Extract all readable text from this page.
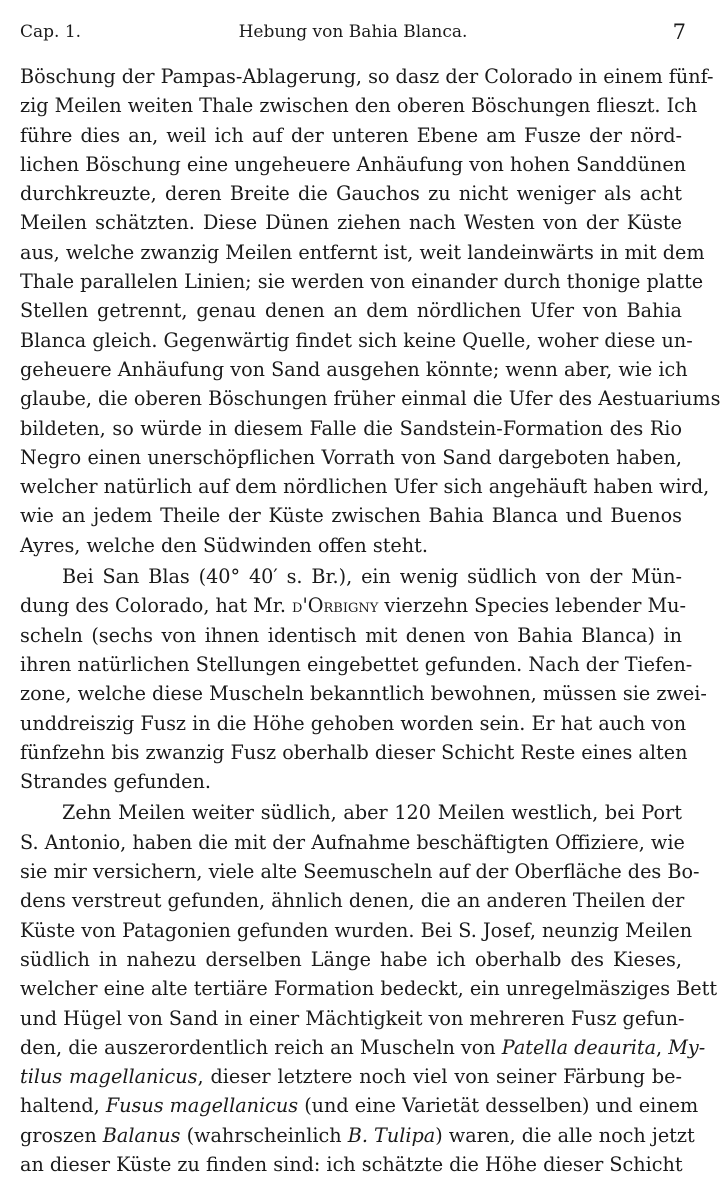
Cap. 1.	Hebung von Bahia Blanca.	7
Böschung der Pampas-Ablagerung, so dasz der Colorado in einem fünf-
zig Meilen weiten Thale zwischen den oberen Böschungen flieszt. Ich
führe dies an, weil ich auf der unteren Ebene am Fusze der nörd-
lichen Böschung eine ungeheuere Anhäufung von hohen Sanddünen
durchkreuzte, deren Breite die Gauchos zu nicht weniger als acht
Meilen schätzten. Diese Dünen ziehen nach Westen von der Küste
aus, welche zwanzig Meilen entfernt ist, weit landeinwärts in mit dem
Thale parallelen Linien; sie werden von einander durch thonige platte
Stellen getrennt, genau denen an dem nördlichen Ufer von Bahia
Blanca gleich. Gegenwärtig findet sich keine Quelle, woher diese un-
geheuere Anhäufung von Sand ausgehen könnte; wenn aber, wie ich
glaube, die oberen Böschungen früher einmal die Ufer des Aestuariums
bildeten, so würde in diesem Falle die Sandstein-Formation des Rio
Negro einen unerschöpflichen Vorrath von Sand dargeboten haben,
welcher natürlich auf dem nördlichen Ufer sich angehäuft haben wird,
wie an jedem Theile der Küste zwischen Bahia Blanca und Buenos
Ayres, welche den Südwinden offen steht.
Bei San Blas (40° 40′ s. Br.), ein wenig südlich von der Mün-
dung des Colorado, hat Mr. d'Orbigny vierzehn Species lebender Mu-
scheln (sechs von ihnen identisch mit denen von Bahia Blanca) in
ihren natürlichen Stellungen eingebettet gefunden. Nach der Tiefen-
zone, welche diese Muscheln bekanntlich bewohnen, müssen sie zwei-
unddreiszig Fusz in die Höhe gehoben worden sein. Er hat auch von
fünfzehn bis zwanzig Fusz oberhalb dieser Schicht Reste eines alten
Strandes gefunden.
Zehn Meilen weiter südlich, aber 120 Meilen westlich, bei Port
S. Antonio, haben die mit der Aufnahme beschäftigten Offiziere, wie
sie mir versichern, viele alte Seemuscheln auf der Oberfläche des Bo-
dens verstreut gefunden, ähnlich denen, die an anderen Theilen der
Küste von Patagonien gefunden wurden. Bei S. Josef, neunzig Meilen
südlich in nahezu derselben Länge habe ich oberhalb des Kieses,
welcher eine alte tertiäre Formation bedeckt, ein unregelmäsziges Bett
und Hügel von Sand in einer Mächtigkeit von mehreren Fusz gefun-
den, die auszerordentlich reich an Muscheln von Patella deaurita, My-
tilus magellanicus, dieser letztere noch viel von seiner Färbung be-
haltend, Fusus magellanicus (und eine Varietät desselben) und einem
groszen Balanus (wahrscheinlich B. Tulipa) waren, die alle noch jetzt
an dieser Küste zu finden sind: ich schätzte die Höhe dieser Schicht
